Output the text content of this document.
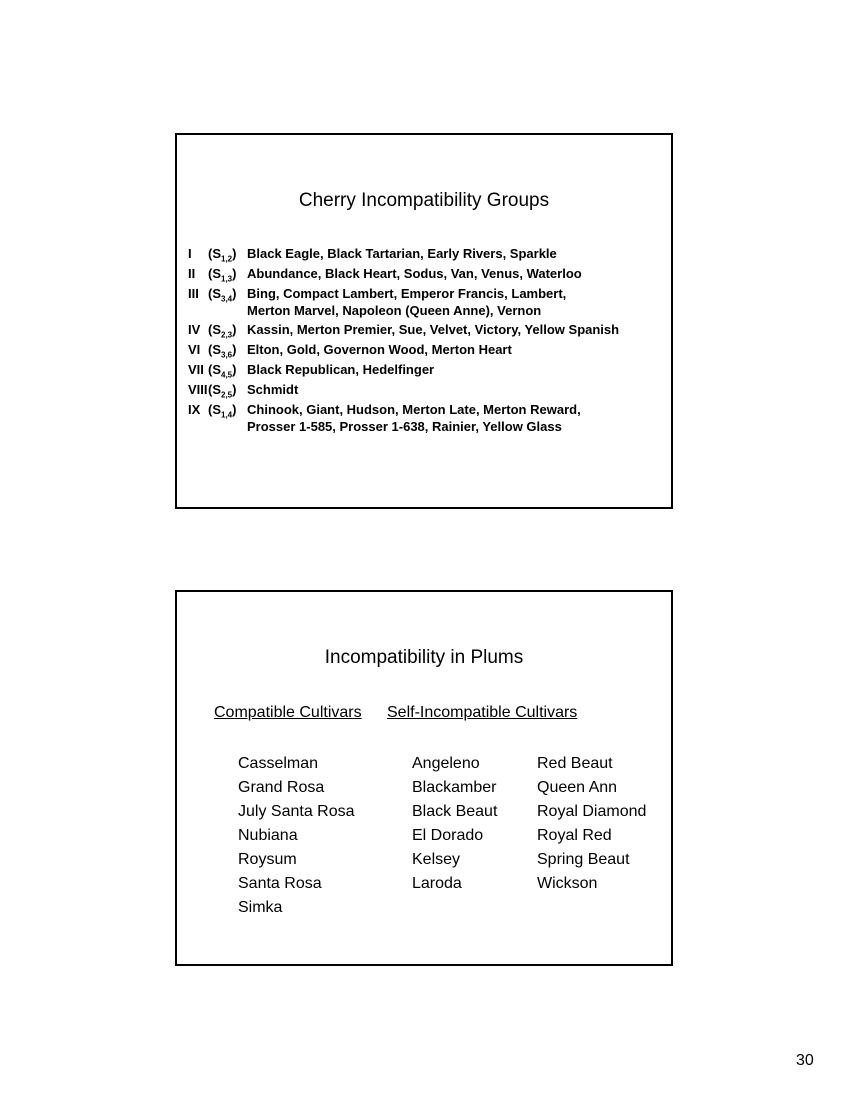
Cherry Incompatibility Groups
I $(S_{1,2})$ Black Eagle, Black Tartarian, Early Rivers, Sparkle
II $(S_{1,3})$ Abundance, Black Heart, Sodus, Van, Venus, Waterloo
III $(S_{3,4})$ Bing, Compact Lambert, Emperor Francis, Lambert,
Merton Marvel, Napoleon (Queen Anne), Vernon
IV $(S_{2,3})$ Kassin, Merton Premier, Sue, Velvet, Victory, Yellow Spanish
VI $(S_{3,6})$ Elton, Gold, Governon Wood, Merton Heart
VII $(S_{4,5})$ Black Republican, Hedelfinger
VIII $(S_{2,5})$ Schmidt
IX $(S_{1,4})$ Chinook, Giant, Hudson, Merton Late, Merton Reward,
Prosser 1-585, Prosser 1-638, Rainier, Yellow Glass
Incompatibility in Plums
Compatible Cultivars Self-Incompatible Cultivars
Casselman
Grand Rosa
July Santa Rosa
Nubiana
Roysum
Santa Rosa
Simka
Angeleno
Blackamber
Black Beaut
El Dorado
Kelsey
Laroda
Red Beaut
Queen Ann
Royal Diamond
Royal Red
Spring Beaut
Wickson
30
